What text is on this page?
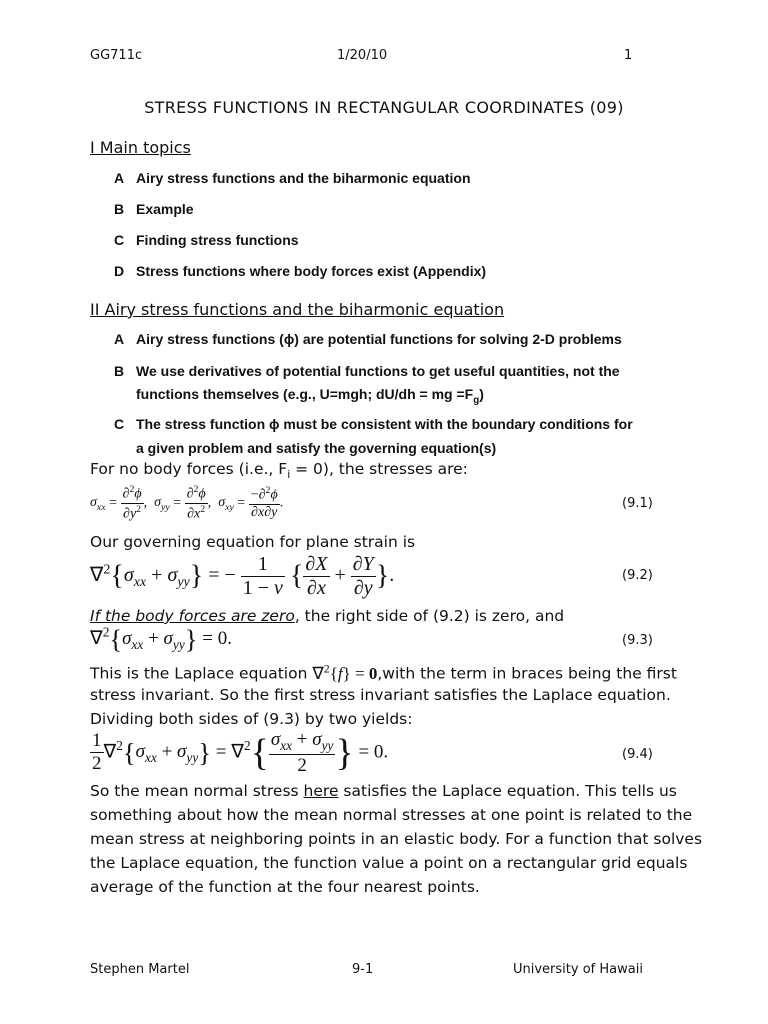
GG711c	1/20/10	1
STRESS FUNCTIONS IN RECTANGULAR COORDINATES (09)
I Main topics
A Airy stress functions and the biharmonic equation
B Example
C Finding stress functions
D Stress functions where body forces exist (Appendix)
II Airy stress functions and the biharmonic equation
A Airy stress functions (ϕ) are potential functions for solving 2-D problems
B We use derivatives of potential functions to get useful quantities, not the
functions themselves (e.g., U=mgh; dU/dh = mg $=F_g$)
C The stress function ϕ must be consistent with the boundary conditions for
a given problem and satisfy the governing equation(s)
For no body forces (i.e., $F_i = 0$), the stresses are:
$\sigma_{xx} = \frac{\partial^2\phi}{\partial y^2}$ ,  $\sigma_{yy} = \frac{\partial^2\phi}{\partial x^2}$ ,  $\sigma_{xy} = \frac{-\partial^2\phi}{\partial x\partial y}$ .	(9.1)
Our governing equation for plane strain is
$\nabla^2\{\sigma_{xx} + \sigma_{yy}\}$ = − $\frac{1}{1 - \nu}$ { $\frac{\partial X}{\partial x} + \frac{\partial Y}{\partial y}$ }.	(9.2)
If the body forces are zero, the right side of (9.2) is zero, and
$\nabla^2\{\sigma_{xx} + \sigma_{yy}\} = 0$.	(9.3)
This is the Laplace equation ∇$^2${f} = 0,with the term in braces being the first
stress invariant. So the first stress invariant satisfies the Laplace equation.
Dividing both sides of (9.3) by two yields:
$\frac{1}{2} \nabla^2\{\sigma_{xx} + \sigma_{yy}\} = \nabla^2\{ \frac{\sigma_{xx} + \sigma_{yy}}{2}$ } = 0.	(9.4)
So the mean normal stress here satisfies the Laplace equation. This tells us
something about how the mean normal stresses at one point is related to the
mean stress at neighboring points in an elastic body. For a function that solves
the Laplace equation, the function value a point on a rectangular grid equals
average of the function at the four nearest points.
Stephen Martel	9-1	University of Hawaii
